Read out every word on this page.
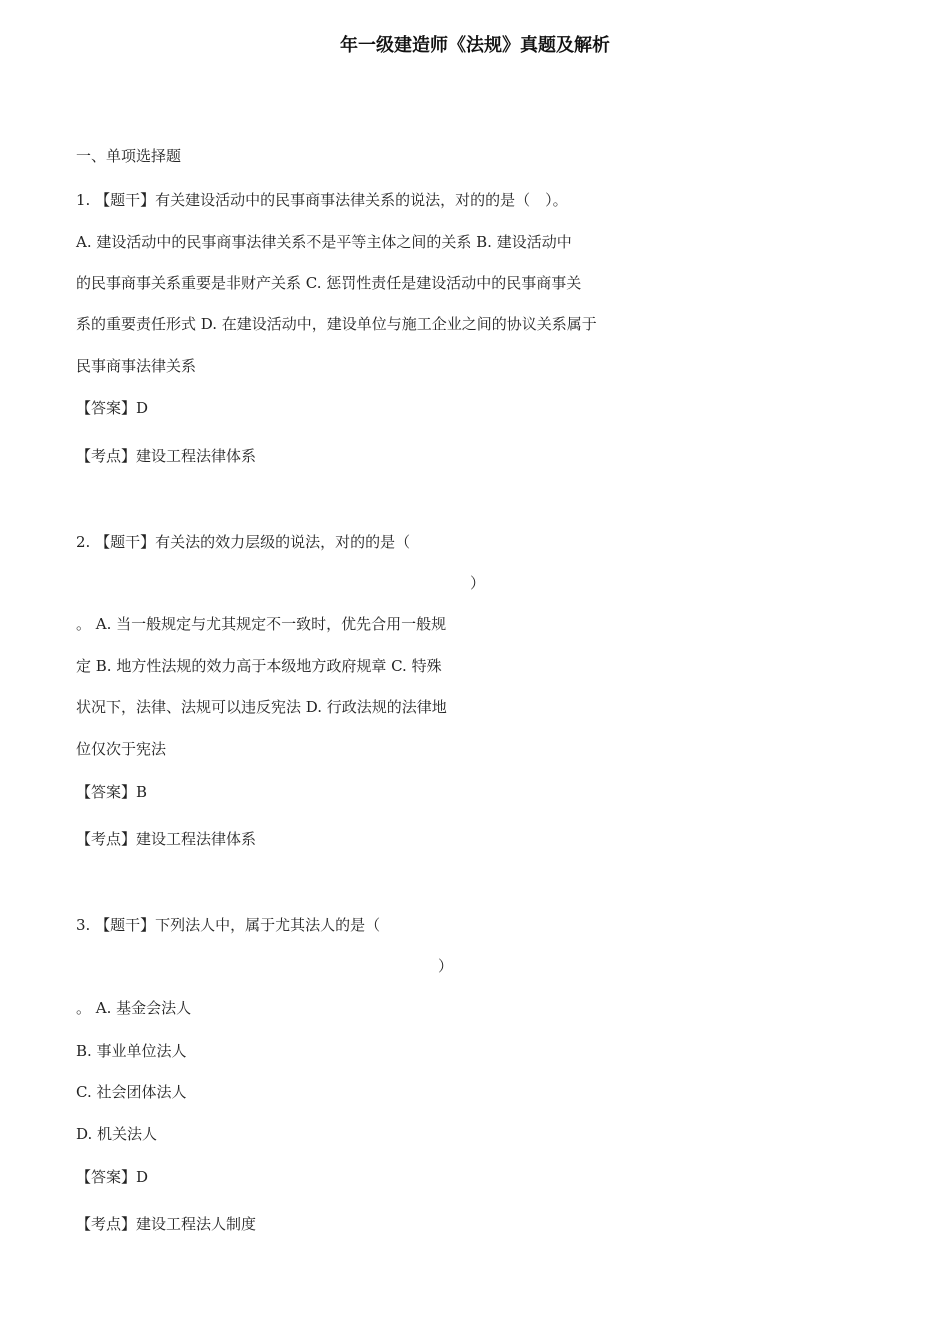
年一级建造师《法规》真题及解析
一、单项选择题
1. 【题干】有关建设活动中的民事商事法律关系的说法，对的的是（　）。
A. 建设活动中的民事商事法律关系不是平等主体之间的关系 B. 建设活动中
的民事商事关系重要是非财产关系 C. 惩罚性责任是建设活动中的民事商事关
系的重要责任形式 D. 在建设活动中，建设单位与施工企业之间的协议关系属于
民事商事法律关系
【答案】D
【考点】建设工程法律体系
2. 【题干】有关法的效力层级的说法，对的的是（
）
。 A. 当一般规定与尤其规定不一致时，优先合用一般规
定 B. 地方性法规的效力高于本级地方政府规章 C. 特殊
状况下，法律、法规可以违反宪法 D. 行政法规的法律地
位仅次于宪法
【答案】B
【考点】建设工程法律体系
3. 【题干】下列法人中，属于尤其法人的是（
）
。 A. 基金会法人
B. 事业单位法人
C. 社会团体法人
D. 机关法人
【答案】D
【考点】建设工程法人制度
